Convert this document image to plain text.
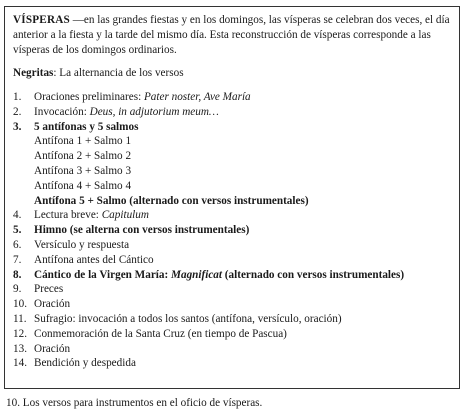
VÍSPERAS —en las grandes fiestas y en los domingos, las vísperas se celebran dos veces, el día anterior a la fiesta y la tarde del mismo día. Esta reconstrucción de vísperas corresponde a las vísperas de los domingos ordinarios.

Negritas: La alternancia de los versos

1.	Oraciones preliminares: Pater noster, Ave María
2.	Invocación: Deus, in adjutorium meum…
3.	5 antífonas y 5 salmos
Antífona 1 + Salmo 1
Antífona 2 + Salmo 2
Antífona 3 + Salmo 3
Antífona 4 + Salmo 4
Antífona 5 + Salmo (alternado con versos instrumentales)
4.	Lectura breve: Capitulum
5.	Himno (se alterna con versos instrumentales)
6.	Versículo y respuesta
7.	Antífona antes del Cántico
8.	Cántico de la Virgen María: Magnificat (alternado con versos instrumentales)
9.	Preces
10. Oración
11. Sufragio: invocación a todos los santos (antífona, versículo, oración)
12. Conmemoración de la Santa Cruz (en tiempo de Pascua)
13. Oración
14. Bendición y despedida
10. Los versos para instrumentos en el oficio de vísperas.
